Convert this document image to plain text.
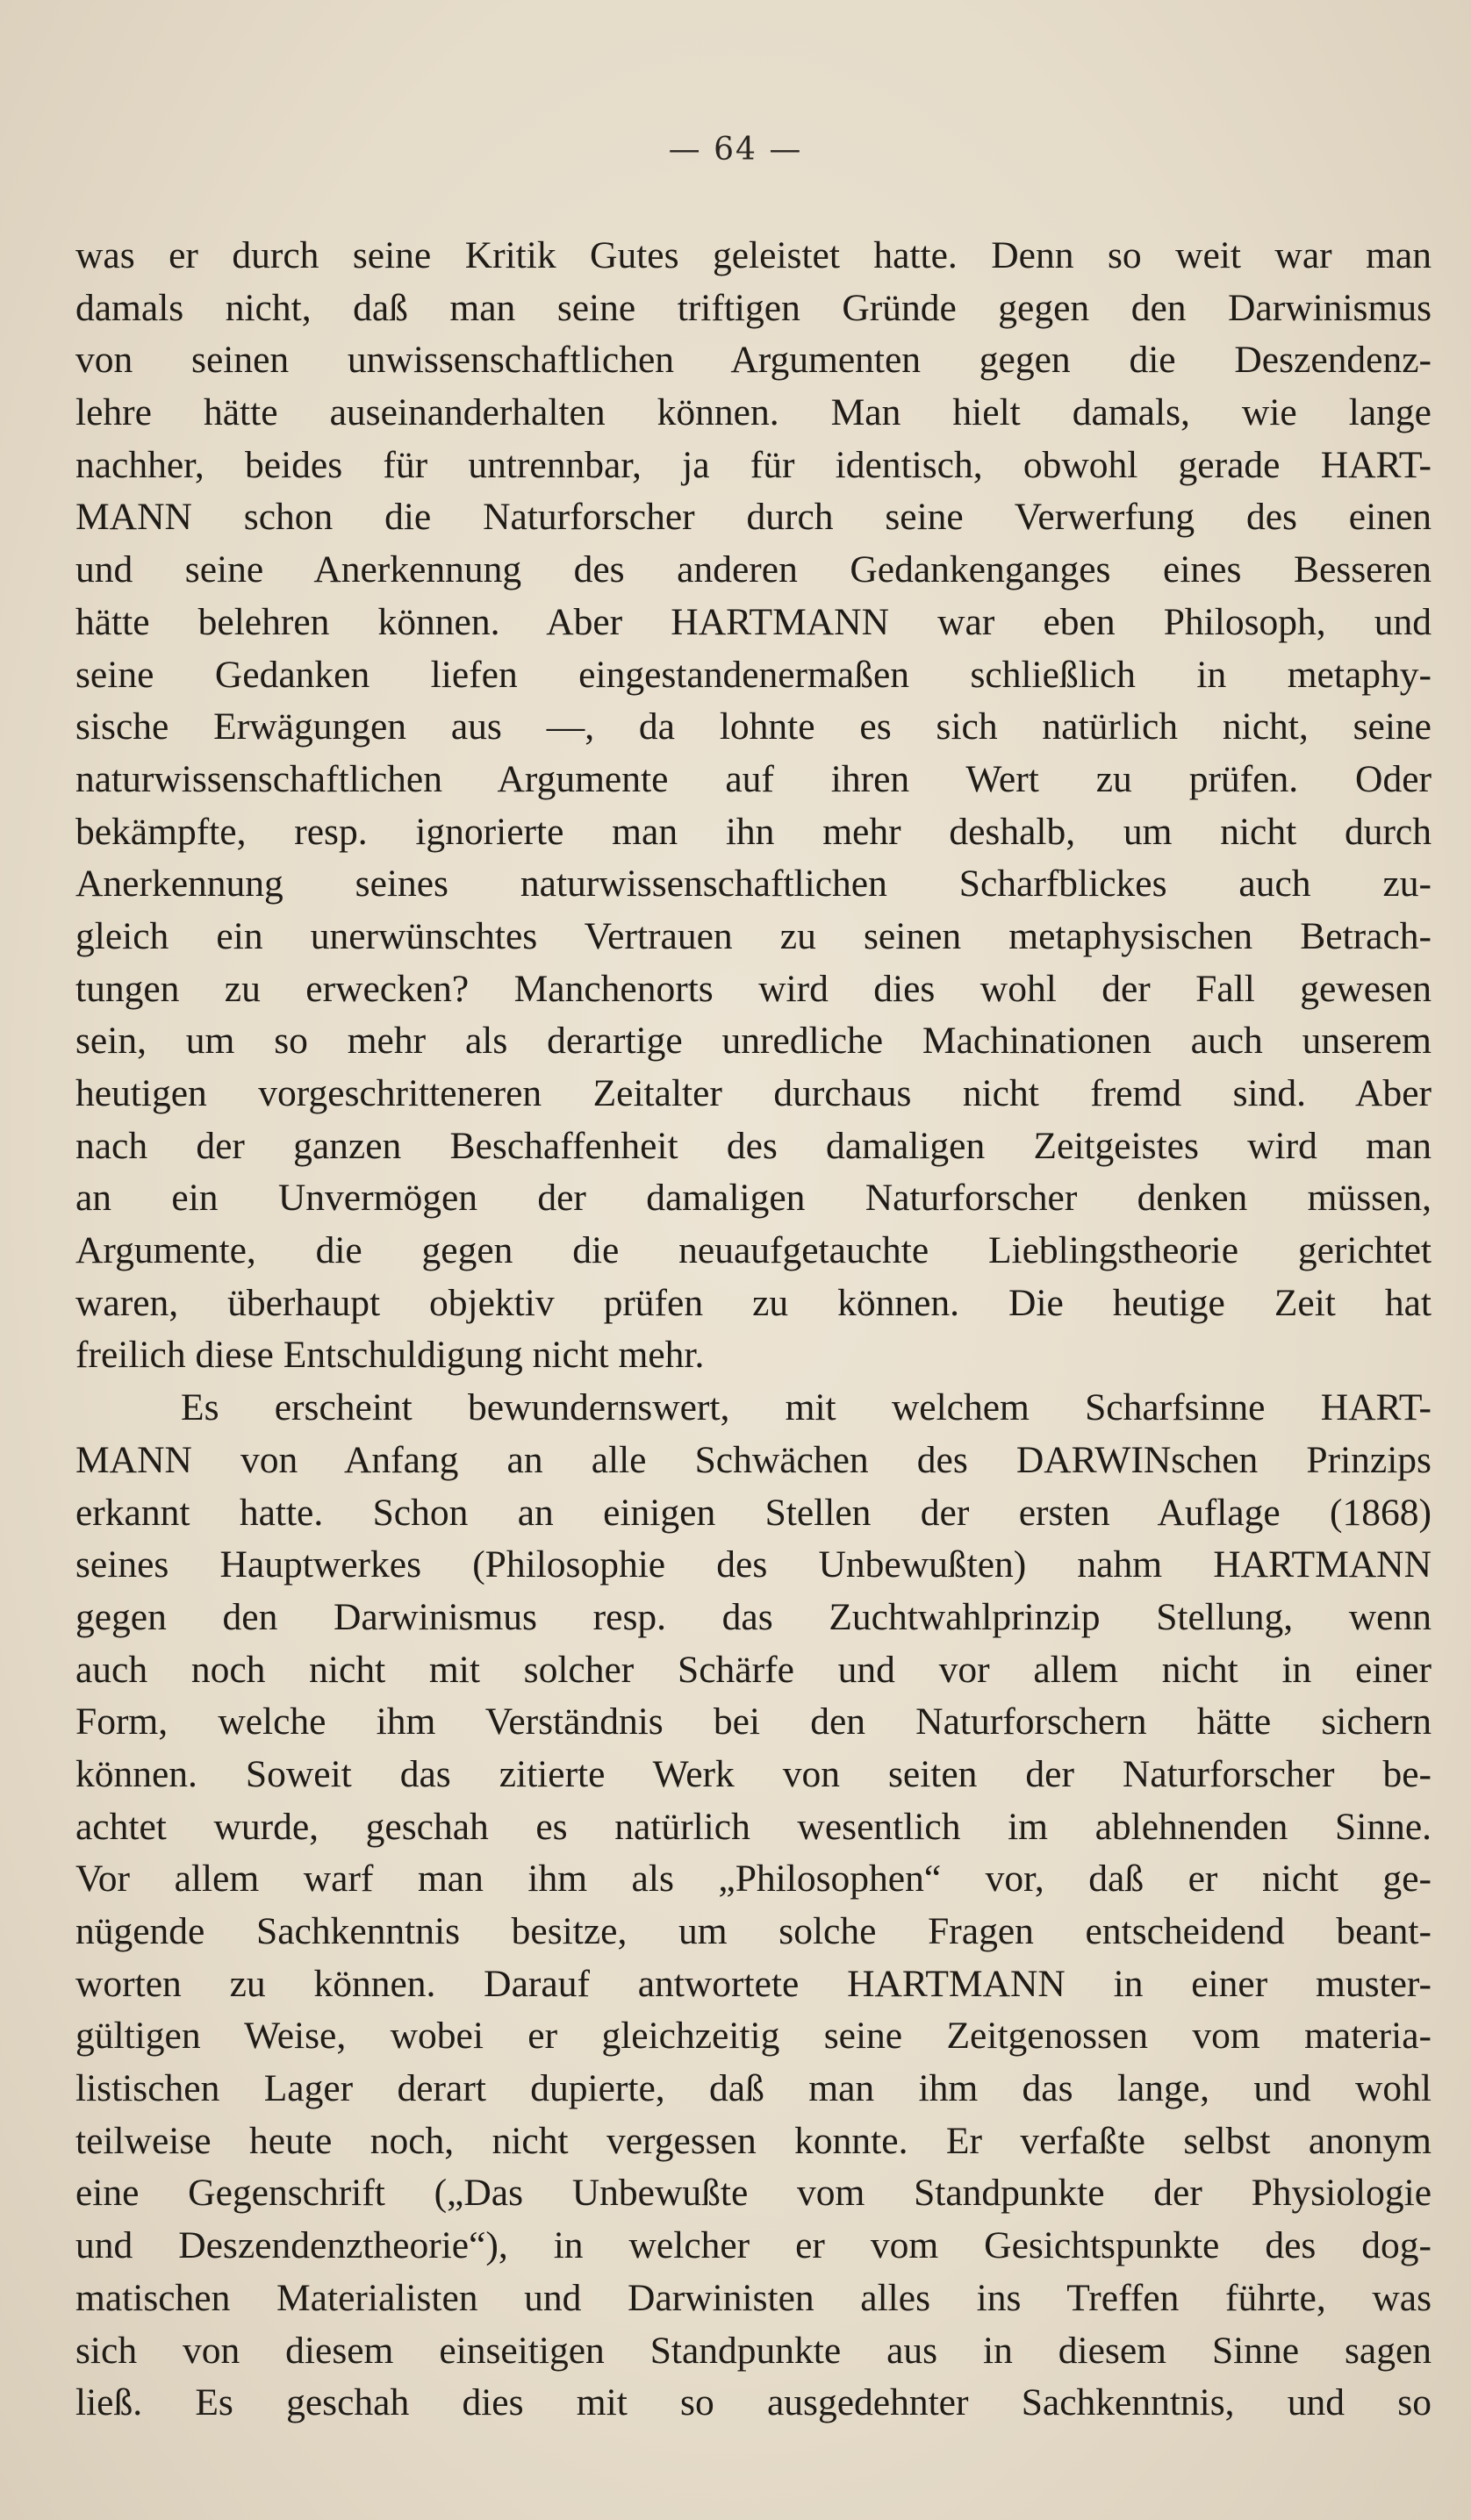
— 64 —
was er durch seine Kritik Gutes geleistet hatte. Denn so weit war man
damals nicht, daß man seine triftigen Gründe gegen den Darwinismus
von seinen unwissenschaftlichen Argumenten gegen die Deszendenz-
lehre hätte auseinanderhalten können. Man hielt damals, wie lange
nachher, beides für untrennbar, ja für identisch, obwohl gerade HART-
MANN schon die Naturforscher durch seine Verwerfung des einen
und seine Anerkennung des anderen Gedankenganges eines Besseren
hätte belehren können. Aber HARTMANN war eben Philosoph, und
seine Gedanken liefen eingestandenermaßen schließlich in metaphy-
sische Erwägungen aus —, da lohnte es sich natürlich nicht, seine
naturwissenschaftlichen Argumente auf ihren Wert zu prüfen. Oder
bekämpfte, resp. ignorierte man ihn mehr deshalb, um nicht durch
Anerkennung seines naturwissenschaftlichen Scharfblickes auch zu-
gleich ein unerwünschtes Vertrauen zu seinen metaphysischen Betrach-
tungen zu erwecken? Manchenorts wird dies wohl der Fall gewesen
sein, um so mehr als derartige unredliche Machinationen auch unserem
heutigen vorgeschritteneren Zeitalter durchaus nicht fremd sind. Aber
nach der ganzen Beschaffenheit des damaligen Zeitgeistes wird man
an ein Unvermögen der damaligen Naturforscher denken müssen,
Argumente, die gegen die neuaufgetauchte Lieblingstheorie gerichtet
waren, überhaupt objektiv prüfen zu können. Die heutige Zeit hat
freilich diese Entschuldigung nicht mehr.
Es erscheint bewundernswert, mit welchem Scharfsinne HART-
MANN von Anfang an alle Schwächen des DARWINschen Prinzips
erkannt hatte. Schon an einigen Stellen der ersten Auflage (1868)
seines Hauptwerkes (Philosophie des Unbewußten) nahm HARTMANN
gegen den Darwinismus resp. das Zuchtwahlprinzip Stellung, wenn
auch noch nicht mit solcher Schärfe und vor allem nicht in einer
Form, welche ihm Verständnis bei den Naturforschern hätte sichern
können. Soweit das zitierte Werk von seiten der Naturforscher be-
achtet wurde, geschah es natürlich wesentlich im ablehnenden Sinne.
Vor allem warf man ihm als „Philosophen“ vor, daß er nicht ge-
nügende Sachkenntnis besitze, um solche Fragen entscheidend beant-
worten zu können. Darauf antwortete HARTMANN in einer muster-
gültigen Weise, wobei er gleichzeitig seine Zeitgenossen vom materia-
listischen Lager derart dupierte, daß man ihm das lange, und wohl
teilweise heute noch, nicht vergessen konnte. Er verfaßte selbst anonym
eine Gegenschrift („Das Unbewußte vom Standpunkte der Physiologie
und Deszendenztheorie“), in welcher er vom Gesichtspunkte des dog-
matischen Materialisten und Darwinisten alles ins Treffen führte, was
sich von diesem einseitigen Standpunkte aus in diesem Sinne sagen
ließ. Es geschah dies mit so ausgedehnter Sachkenntnis, und so
